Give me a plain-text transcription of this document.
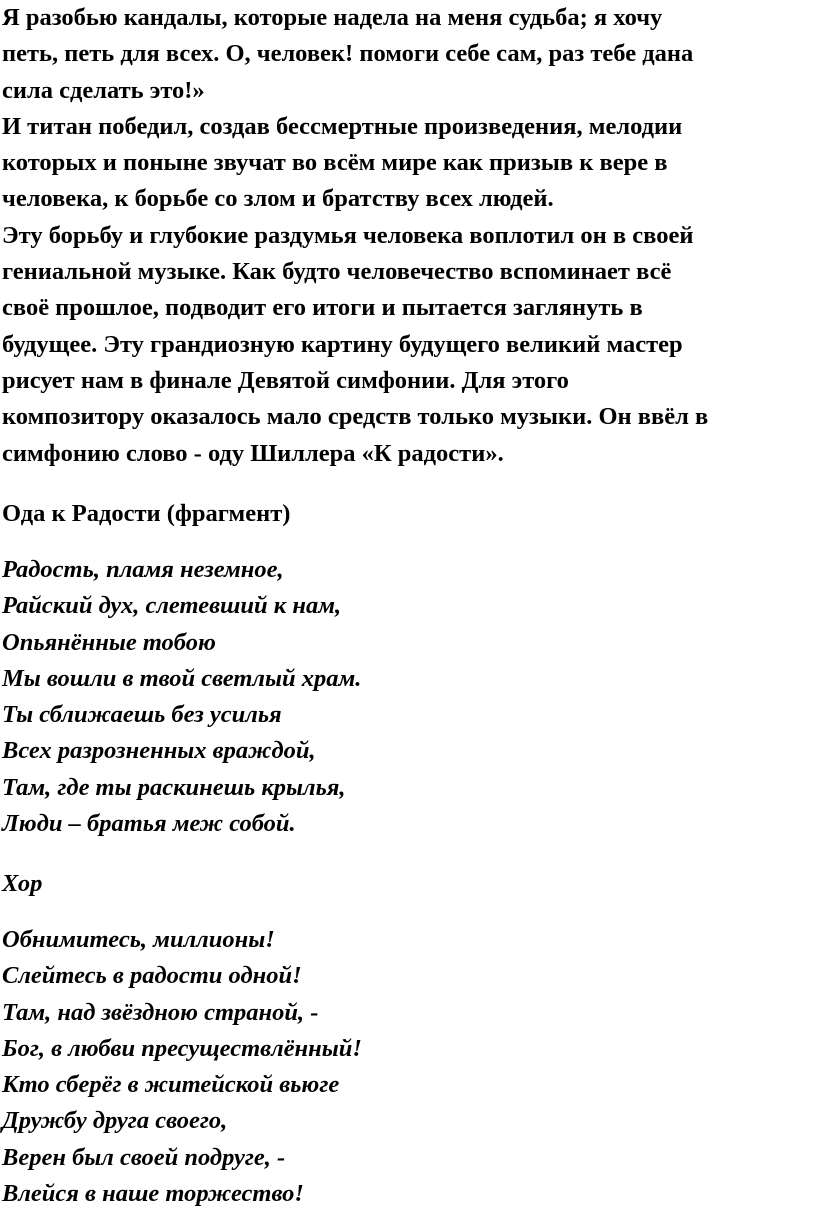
Я разобью кандалы, которые надела на меня судьба; я хочу
петь, петь для всех. О, человек! помоги себе сам, раз тебе дана
сила сделать это!»
И титан победил, создав бессмертные произведения, мелодии
которых и поныне звучат во всём мире как призыв к вере в
человека, к борьбе со злом и братству всех людей.
Эту борьбу и глубокие раздумья человека воплотил он в своей
гениальной музыке. Как будто человечество вспоминает всё
своё прошлое, подводит его итоги и пытается заглянуть в
будущее. Эту грандиозную картину будущего великий мастер
рисует нам в финале Девятой симфонии. Для этого
композитору оказалось мало средств только музыки. Он ввёл в
симфонию слово - оду Шиллера «К радости».

Ода к Радости (фрагмент)

Радость, пламя неземное,
Райский дух, слетевший к нам,
Опьянённые тобою
Мы вошли в твой светлый храм.
Ты сближаешь без усилья
Всех разрозненных враждой,
Там, где ты раскинешь крылья,
Люди – братья меж собой.

Хор

Обнимитесь, миллионы!
Слейтесь в радости одной!
Там, над звёздною страной, -
Бог, в любви пресуществлённый!
Кто сберёг в житейской вьюге
Дружбу друга своего,
Верен был своей подруге, -
Влейся в наше торжество!
